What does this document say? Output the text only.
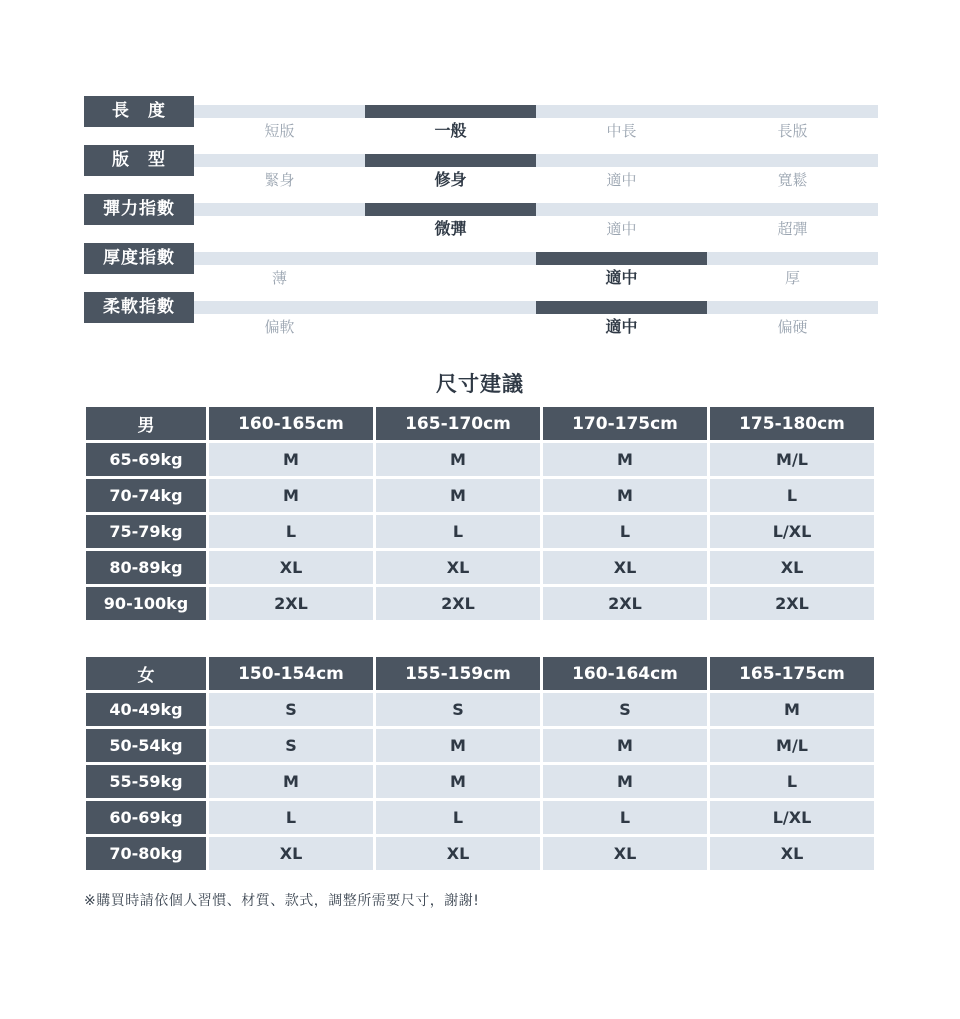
長　度
短版	一般	中長	長版
版　型
緊身	修身	適中	寬鬆
彈力指數
微彈	適中	超彈
厚度指數
薄	適中	厚
柔軟指數
偏軟	適中	偏硬
尺寸建議
男	160-165cm	165-170cm	170-175cm	175-180cm
65-69kg	M	M	M	M/L
70-74kg	M	M	M	L
75-79kg	L	L	L	L/XL
80-89kg	XL	XL	XL	XL
90-100kg	2XL	2XL	2XL	2XL
女	150-154cm	155-159cm	160-164cm	165-175cm
40-49kg	S	S	S	M
50-54kg	S	M	M	M/L
55-59kg	M	M	M	L
60-69kg	L	L	L	L/XL
70-80kg	XL	XL	XL	XL
※購買時請依個人習慣、材質、款式，調整所需要尺寸，謝謝!
